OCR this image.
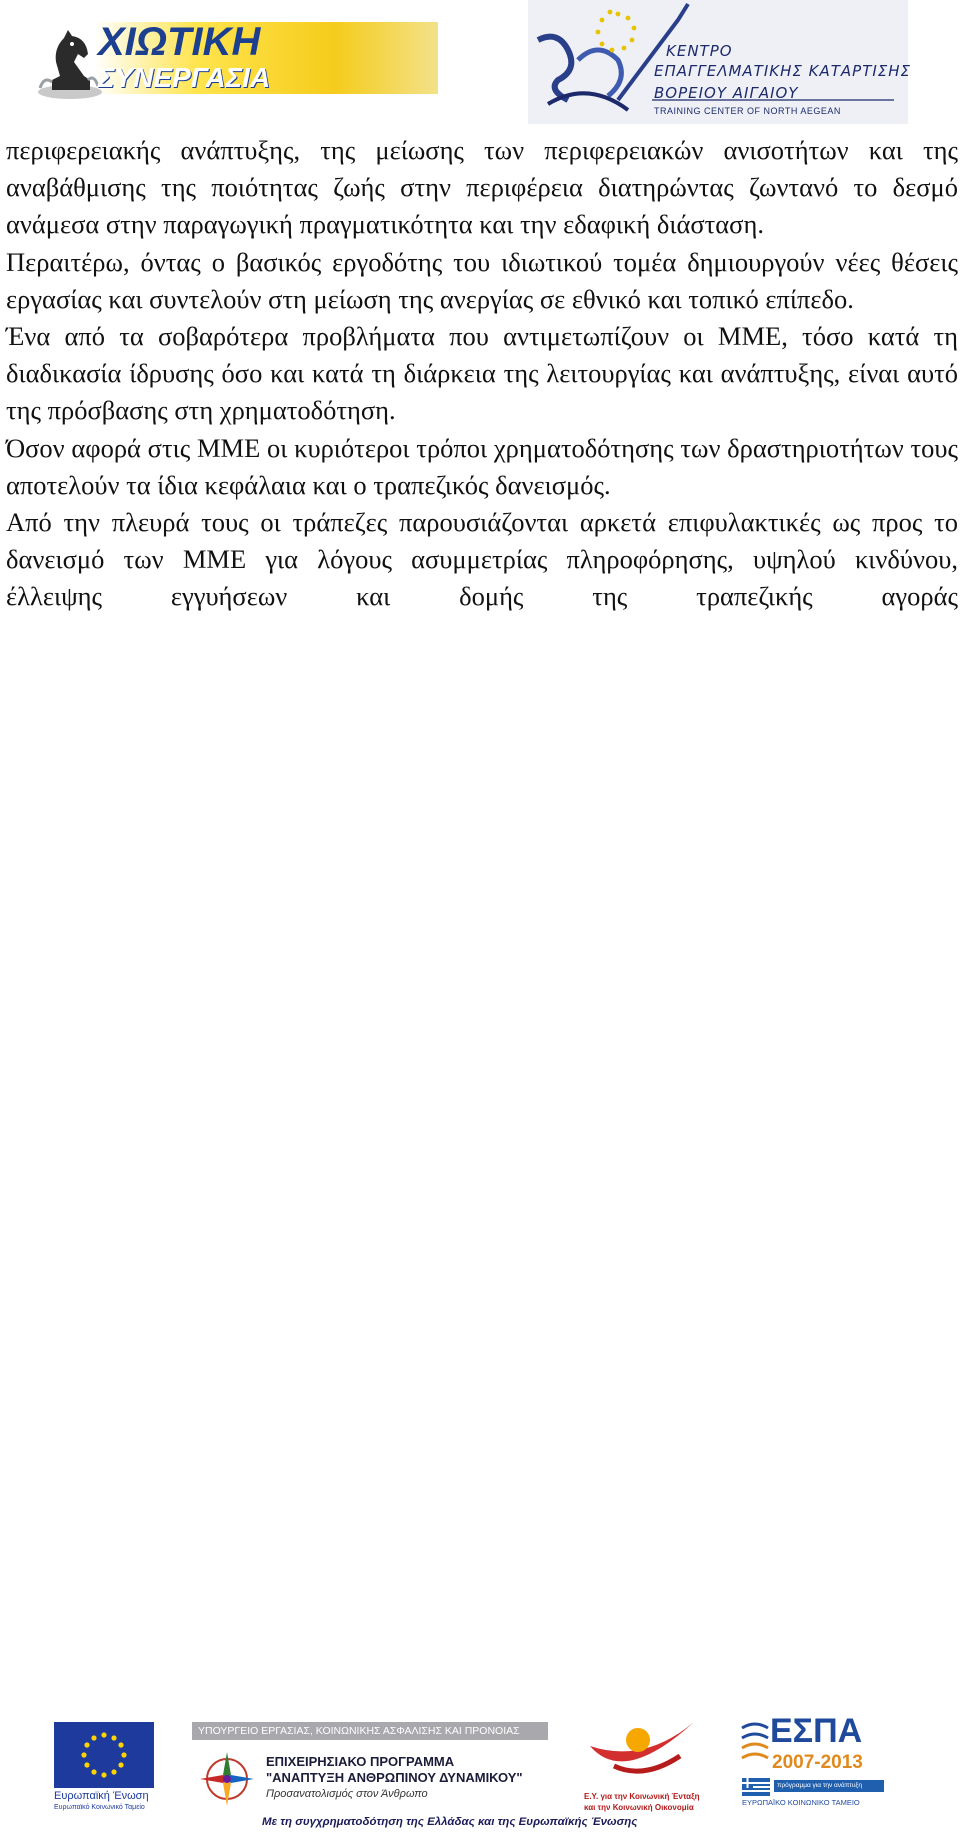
ΧΙΩΤΙΚΗ
ΣΥΝΕΡΓΑΣΙΑ
ΚΕΝΤΡΟ
ΕΠΑΓΓΕΛΜΑΤΙΚΗΣ ΚΑΤΑΡΤΙΣΗΣ
ΒΟΡΕΙΟΥ ΑΙΓΑΙΟΥ
TRAINING CENTER OF NORTH AEGEAN

περιφερειακής ανάπτυξης, της μείωσης των περιφερειακών ανισοτήτων και της αναβάθμισης της ποιότητας ζωής στην περιφέρεια διατηρώντας ζωντανό το δεσμό ανάμεσα στην παραγωγική πραγματικότητα και την εδαφική διάσταση.

Περαιτέρω, όντας ο βασικός εργοδότης του ιδιωτικού τομέα δημιουργούν νέες θέσεις εργασίας και συντελούν στη μείωση της ανεργίας σε εθνικό και τοπικό επίπεδο.

Ένα από τα σοβαρότερα προβλήματα που αντιμετωπίζουν οι ΜΜΕ, τόσο κατά τη διαδικασία ίδρυσης όσο και κατά τη διάρκεια της λειτουργίας και ανάπτυξης, είναι αυτό της πρόσβασης στη χρηματοδότηση.

Όσον αφορά στις ΜΜΕ οι κυριότεροι τρόποι χρηματοδότησης των δραστηριοτήτων τους αποτελούν τα ίδια κεφάλαια και ο τραπεζικός δανεισμός.

Από την πλευρά τους οι τράπεζες παρουσιάζονται αρκετά επιφυλακτικές ως προς το δανεισμό των ΜΜΕ για λόγους ασυμμετρίας πληροφόρησης, υψηλού κινδύνου, έλλειψης εγγυήσεων και δομής της τραπεζικής αγοράς

Ευρωπαϊκή Ένωση
Ευρωπαϊκό Κοινωνικό Ταμείο
ΥΠΟΥΡΓΕΙΟ ΕΡΓΑΣΙΑΣ, ΚΟΙΝΩΝΙΚΗΣ ΑΣΦΑΛΙΣΗΣ ΚΑΙ ΠΡΟΝΟΙΑΣ
ΕΠΙΧΕΙΡΗΣΙΑΚΟ ΠΡΟΓΡΑΜΜΑ
"ΑΝΑΠΤΥΞΗ ΑΝΘΡΩΠΙΝΟΥ ΔΥΝΑΜΙΚΟΥ"
Προσανατολισμός στον Άνθρωπο	Ε.Υ. για την Κοινωνική Ένταξη
και την Κοινωνική Οικονομία
ΕΣΠΑ
2007-2013
πρόγραμμα για την ανάπτυξη
ΕΥΡΩΠΑΪΚΟ ΚΟΙΝΩΝΙΚΟ ΤΑΜΕΙΟ
Με τη συγχρηματοδότηση της Ελλάδας και της Ευρωπαϊκής Ένωσης
